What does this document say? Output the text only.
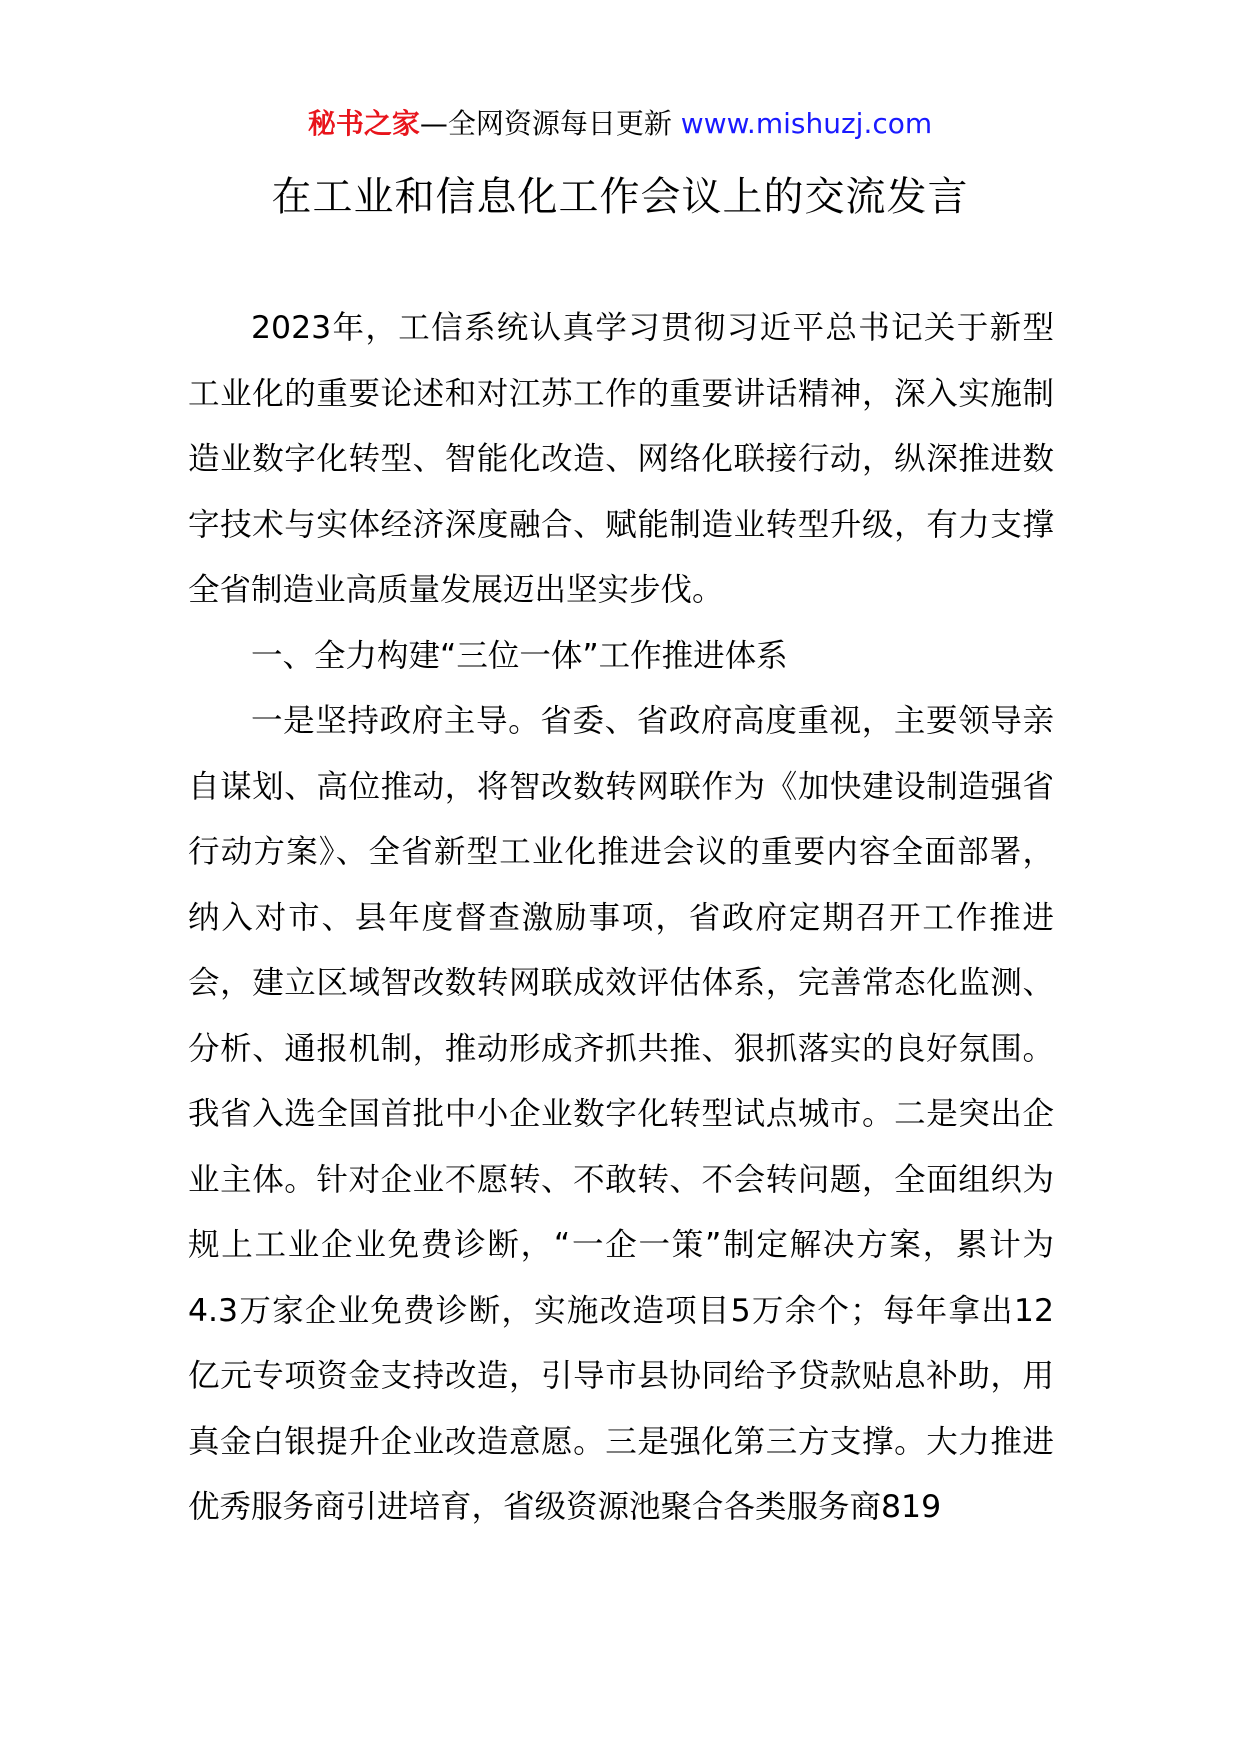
秘书之家—全网资源每日更新 www.mishuzj.com
在工业和信息化工作会议上的交流发言

2023年，工信系统认真学习贯彻习近平总书记关于新型工业化的重要论述和对江苏工作的重要讲话精神，深入实施制造业数字化转型、智能化改造、网络化联接行动，纵深推进数字技术与实体经济深度融合、赋能制造业转型升级，有力支撑全省制造业高质量发展迈出坚实步伐。

一、全力构建“三位一体”工作推进体系

一是坚持政府主导。省委、省政府高度重视，主要领导亲自谋划、高位推动，将智改数转网联作为《加快建设制造强省行动方案》、全省新型工业化推进会议的重要内容全面部署，纳入对市、县年度督查激励事项，省政府定期召开工作推进会，建立区域智改数转网联成效评估体系，完善常态化监测、分析、通报机制，推动形成齐抓共推、狠抓落实的良好氛围。我省入选全国首批中小企业数字化转型试点城市。二是突出企业主体。针对企业不愿转、不敢转、不会转问题，全面组织为规上工业企业免费诊断，“一企一策”制定解决方案，累计为4.3万家企业免费诊断，实施改造项目5万余个；每年拿出12亿元专项资金支持改造，引导市县协同给予贷款贴息补助，用真金白银提升企业改造意愿。三是强化第三方支撑。大力推进优秀服务商引进培育，省级资源池聚合各类服务商819
